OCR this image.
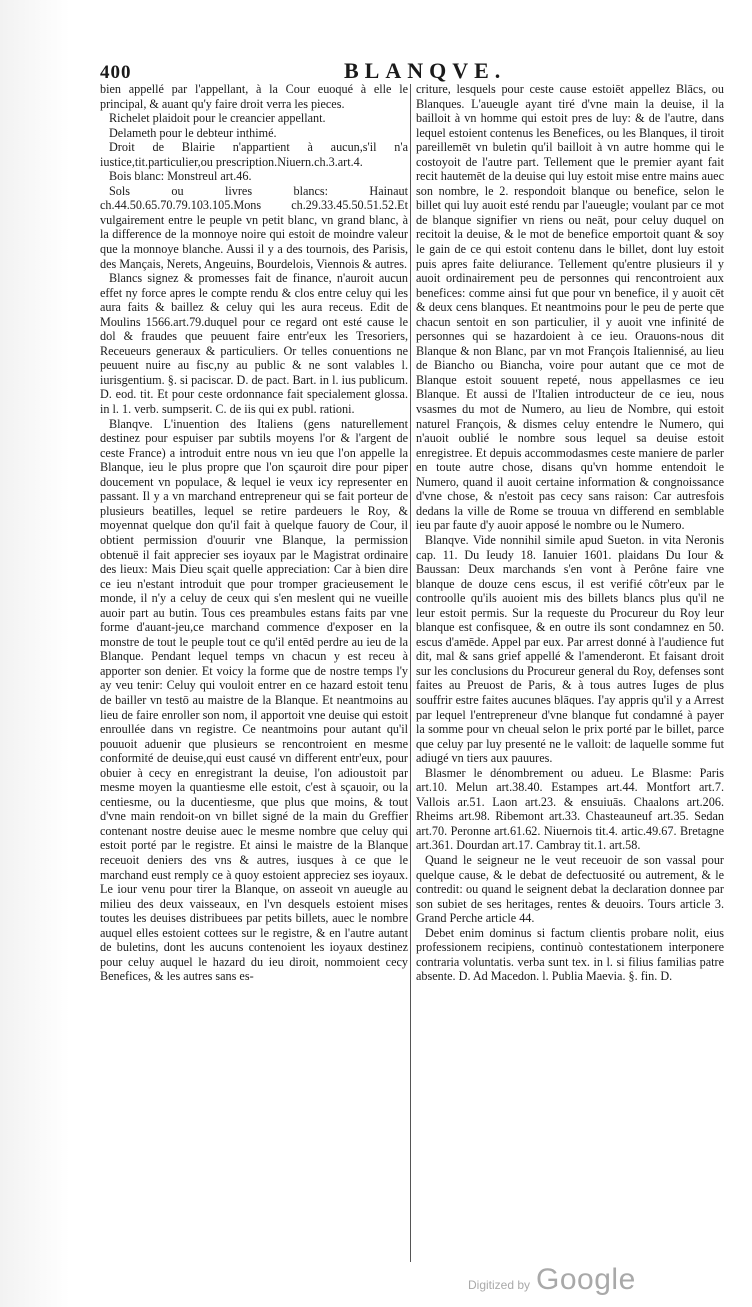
400	BLANQVE.

bien appellé par l'appellant, à la Cour euoqué à elle le principal, & auant qu'y faire droit verra les pieces.

Richelet plaidoit pour le creancier appellant.

Delameth pour le debteur inthimé.

Droit de Blairie n'appartient à aucun,s'il n'a iustice,tit.particulier,ou prescription.Niuern.ch.3.art.4.

Bois blanc: Monstreul art.46.

Sols ou livres blancs: Hainaut ch.44.50.65.70.79.103.105.Mons ch.29.33.45.50.51.52.Et vulgairement entre le peuple vn petit blanc, vn grand blanc, à la difference de la monnoye noire qui estoit de moindre valeur que la monnoye blanche. Aussi il y a des tournois, des Parisis, des Mançais, Nerets, Angeuins, Bourdelois, Viennois & autres.

Blancs signez & promesses fait de finance, n'auroit aucun effet ny force apres le compte rendu & clos entre celuy qui les aura faits & baillez & celuy qui les aura receus. Edit de Moulins 1566.art.79.duquel pour ce regard ont esté cause le dol & fraudes que peuuent faire entr'eux les Tresoriers, Receueurs generaux & particuliers. Or telles conuentions ne peuuent nuire au fisc,ny au public & ne sont valables l. iurisgentium. §. si paciscar. D. de pact. Bart. in l. ius publicum. D. eod. tit. Et pour ceste ordonnance fait specialement glossa. in l. 1. verb. sumpserit. C. de iis qui ex publ. rationi.

Blanqve. L'inuention des Italiens (gens naturellement destinez pour espuiser par subtils moyens l'or & l'argent de ceste France) a introduit entre nous vn ieu que l'on appelle la Blanque, ieu le plus propre que l'on sçauroit dire pour piper doucement vn populace, & lequel ie veux icy representer en passant. Il y a vn marchand entrepreneur qui se fait porteur de plusieurs beatilles, lequel se retire pardeuers le Roy, & moyennat quelque don qu'il fait à quelque fauory de Cour, il obtient permission d'ouurir vne Blanque, la permission obtenuë il fait apprecier ses ioyaux par le Magistrat ordinaire des lieux: Mais Dieu sçait quelle appreciation: Car à bien dire ce ieu n'estant introduit que pour tromper gracieusement le monde, il n'y a celuy de ceux qui s'en meslent qui ne vueille auoir part au butin. Tous ces preambules estans faits par vne forme d'auant-jeu,ce marchand commence d'exposer en la monstre de tout le peuple tout ce qu'il entēd perdre au ieu de la Blanque. Pendant lequel temps vn chacun y est receu à apporter son denier. Et voicy la forme que de nostre temps l'y ay veu tenir: Celuy qui vouloit entrer en ce hazard estoit tenu de bailler vn testō au maistre de la Blanque. Et neantmoins au lieu de faire enroller son nom, il apportoit vne deuise qui estoit enroullée dans vn registre. Ce neantmoins pour autant qu'il pouuoit aduenir que plusieurs se rencontroient en mesme conformité de deuise,qui eust causé vn different entr'eux, pour obuier à cecy en enregistrant la deuise, l'on adioustoit par mesme moyen la quantiesme elle estoit, c'est à sçauoir, ou la centiesme, ou la ducentiesme, que plus que moins, & tout d'vne main rendoit-on vn billet signé de la main du Greffier contenant nostre deuise auec le mesme nombre que celuy qui estoit porté par le registre. Et ainsi le maistre de la Blanque receuoit deniers des vns & autres, iusques à ce que le marchand eust remply ce à quoy estoient appreciez ses ioyaux. Le iour venu pour tirer la Blanque, on asseoit vn aueugle au milieu des deux vaisseaux, en l'vn desquels estoient mises toutes les deuises distribuees par petits billets, auec le nombre auquel elles estoient cottees sur le registre, & en l'autre autant de buletins, dont les aucuns contenoient les ioyaux destinez pour celuy auquel le hazard du ieu diroit, nommoient cecy Benefices, & les autres sans es-

criture, lesquels pour ceste cause estoiēt appellez Blācs, ou Blanques. L'aueugle ayant tiré d'vne main la deuise, il la bailloit à vn homme qui estoit pres de luy: & de l'autre, dans lequel estoient contenus les Benefices, ou les Blanques, il tiroit pareillemēt vn buletin qu'il bailloit à vn autre homme qui le costoyoit de l'autre part. Tellement que le premier ayant fait recit hautemēt de la deuise qui luy estoit mise entre mains auec son nombre, le 2. respondoit blanque ou benefice, selon le billet qui luy auoit esté rendu par l'aueugle; voulant par ce mot de blanque signifier vn riens ou neāt, pour celuy duquel on recitoit la deuise, & le mot de benefice emportoit quant & soy le gain de ce qui estoit contenu dans le billet, dont luy estoit puis apres faite deliurance. Tellement qu'entre plusieurs il y auoit ordinairement peu de personnes qui rencontroient aux benefices: comme ainsi fut que pour vn benefice, il y auoit cēt & deux cens blanques. Et neantmoins pour le peu de perte que chacun sentoit en son particulier, il y auoit vne infinité de personnes qui se hazardoient à ce ieu. Orauons-nous dit Blanque & non Blanc, par vn mot François Italiennisé, au lieu de Biancho ou Biancha, voire pour autant que ce mot de Blanque estoit souuent repeté, nous appellasmes ce ieu Blanque. Et aussi de l'Italien introducteur de ce ieu, nous vsasmes du mot de Numero, au lieu de Nombre, qui estoit naturel François, & dismes celuy entendre le Numero, qui n'auoit oublié le nombre sous lequel sa deuise estoit enregistree. Et depuis accommodasmes ceste maniere de parler en toute autre chose, disans qu'vn homme entendoit le Numero, quand il auoit certaine information & congnoissance d'vne chose, & n'estoit pas cecy sans raison: Car autresfois dedans la ville de Rome se trouua vn differend en semblable ieu par faute d'y auoir apposé le nombre ou le Numero.

Blanqve. Vide nonnihil simile apud Sueton. in vita Neronis cap. 11. Du Ieudy 18. Ianuier 1601. plaidans Du Iour & Baussan: Deux marchands s'en vont à Perône faire vne blanque de douze cens escus, il est verifié côtr'eux par le controolle qu'ils auoient mis des billets blancs plus qu'il ne leur estoit permis. Sur la requeste du Procureur du Roy leur blanque est confisquee, & en outre ils sont condamnez en 50. escus d'amēde. Appel par eux. Par arrest donné à l'audience fut dit, mal & sans grief appellé & l'amenderont. Et faisant droit sur les conclusions du Procureur general du Roy, defenses sont faites au Preuost de Paris, & à tous autres Iuges de plus souffrir estre faites aucunes blāques. I'ay appris qu'il y a Arrest par lequel l'entrepreneur d'vne blanque fut condamné à payer la somme pour vn cheual selon le prix porté par le billet, parce que celuy par luy presenté ne le valloit: de laquelle somme fut adiugé vn tiers aux pauures.

Blasmer le dénombrement ou adueu. Le Blasme: Paris art.10. Melun art.38.40. Estampes art.44. Montfort art.7. Vallois ar.51. Laon art.23. & ensuiuās. Chaalons art.206. Rheims art.98. Ribemont art.33. Chasteauneuf art.35. Sedan art.70. Peronne art.61.62. Niuernois tit.4. artic.49.67. Bretagne art.361. Dourdan art.17. Cambray tit.1. art.58.

Quand le seigneur ne le veut receuoir de son vassal pour quelque cause, & le debat de defectuosité ou autrement, & le contredit: ou quand le seignent debat la declaration donnee par son subiet de ses heritages, rentes & deuoirs. Tours article 3. Grand Perche article 44.

Debet enim dominus si factum clientis probare nolit, eius professionem recipiens, continuò contestationem interponere contraria voluntatis. verba sunt tex. in l. si filius familias patre absente. D. Ad Macedon. l. Publia Maevia. §. fin. D.

Digitized by Google
